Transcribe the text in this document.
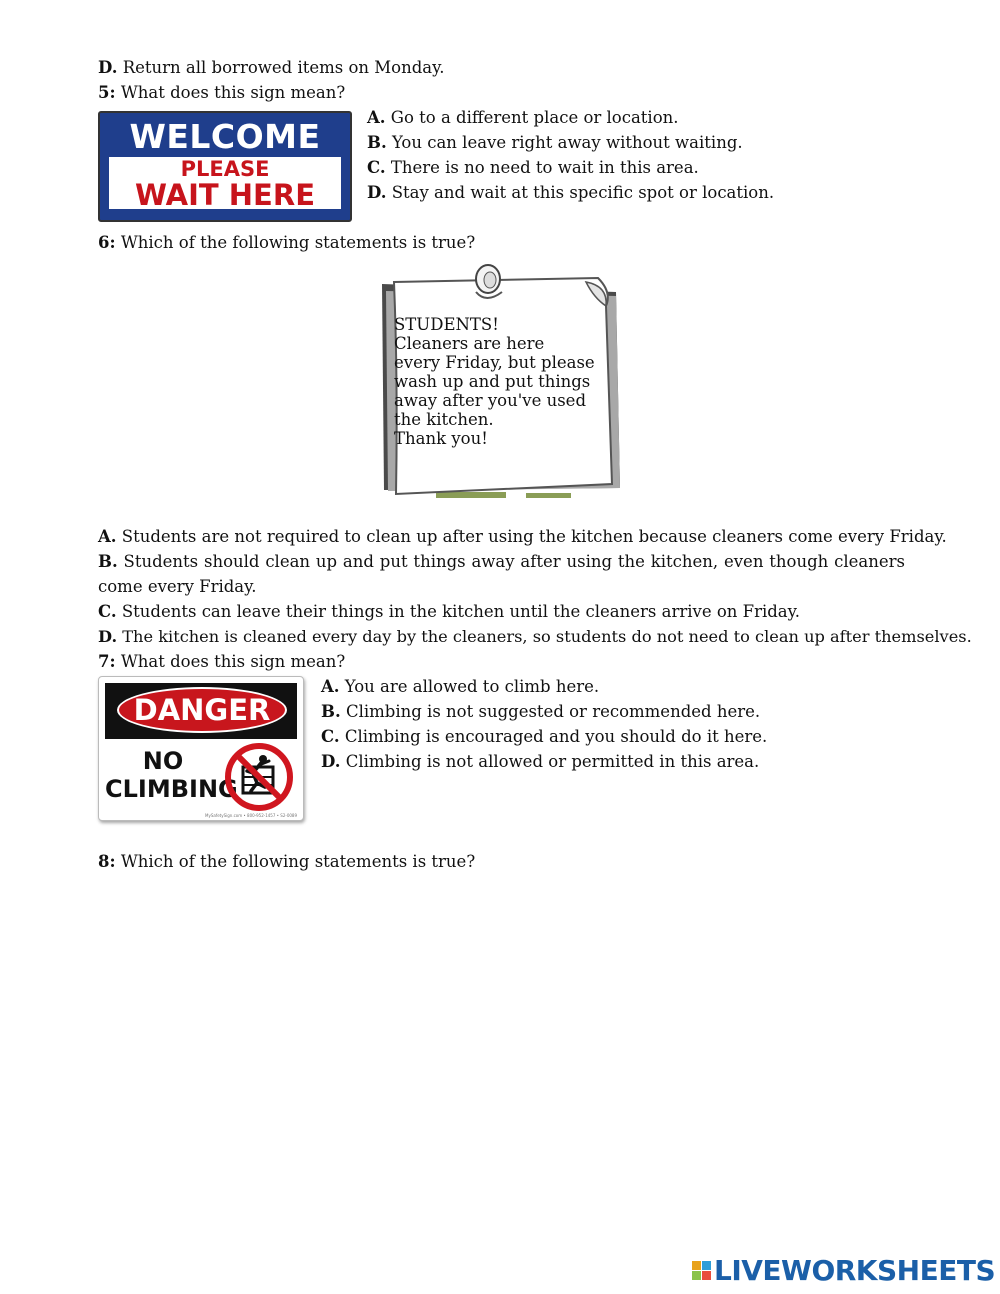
D. Return all borrowed items on Monday.
5: What does this sign mean?
WELCOME
PLEASE
WAIT HERE
A. Go to a different place or location.
B. You can leave right away without waiting.
C. There is no need to wait in this area.
D. Stay and wait at this specific spot or location.
6: Which of the following statements is true?
STUDENTS!
Cleaners are here
every Friday, but please
wash up and put things
away after you've used
the kitchen.
Thank you!
A. Students are not required to clean up after using the kitchen because cleaners come every Friday.
B. Students should clean up and put things away after using the kitchen, even though cleaners come every Friday.
C. Students can leave their things in the kitchen until the cleaners arrive on Friday.
D. The kitchen is cleaned every day by the cleaners, so students do not need to clean up after themselves.
7: What does this sign mean?
DANGER
NO
CLIMBING
MySafetySign.com • 800-952-1457 • S2-0089
A. You are allowed to climb here.
B. Climbing is not suggested or recommended here.
C. Climbing is encouraged and you should do it here.
D. Climbing is not allowed or permitted in this area.
8: Which of the following statements is true?
LIVEWORKSHEETS
